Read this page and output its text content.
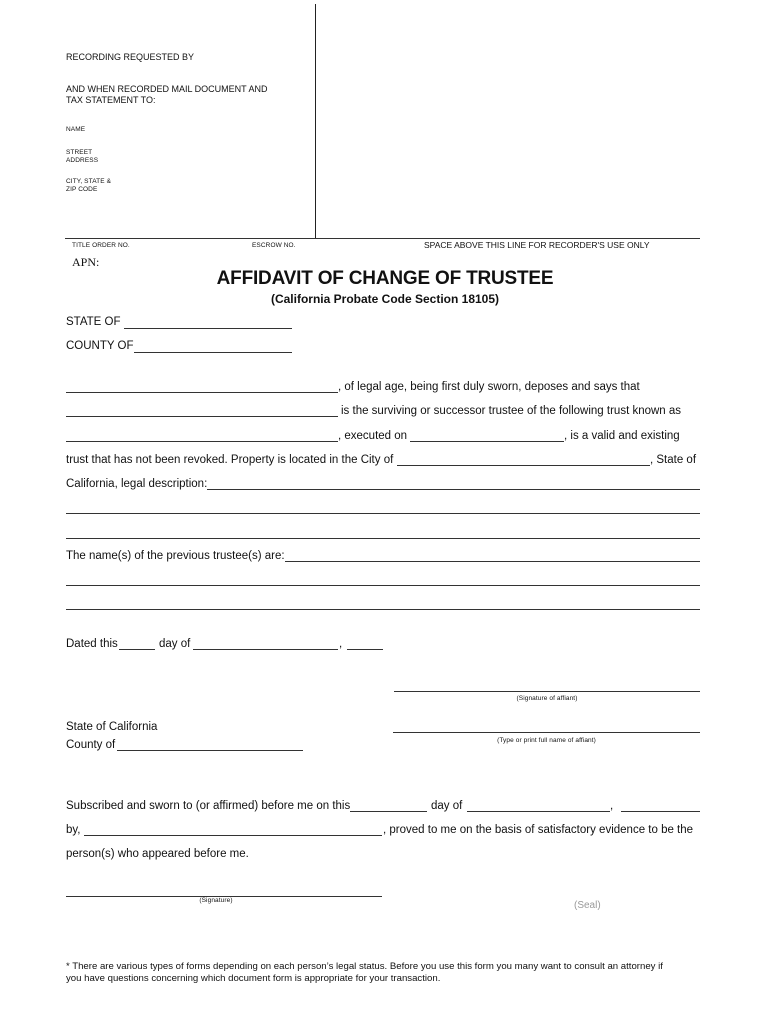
RECORDING REQUESTED BY
AND WHEN RECORDED MAIL DOCUMENT AND
TAX STATEMENT TO:
NAME
STREET
ADDRESS
CITY, STATE &
ZIP CODE
TITLE ORDER NO.	ESCROW NO.	SPACE ABOVE THIS LINE FOR RECORDER'S USE ONLY
APN:
AFFIDAVIT OF CHANGE OF TRUSTEE
(California Probate Code Section 18105)
STATE OF
COUNTY OF
, of legal age, being first duly sworn, deposes and says that
is the surviving or successor trustee of the following trust known as
, executed on	, is a valid and existing
trust that has not been revoked. Property is located in the City of	, State of
California, legal description:
The name(s) of the previous trustee(s) are:
Dated this	day of	,
(Signature of affiant)
(Type or print full name of affiant)
State of California
County of
Subscribed and sworn to (or affirmed) before me on this	day of	,
by,	, proved to me on the basis of satisfactory evidence to be the
person(s) who appeared before me.
(Signature)	(Seal)
* There are various types of forms depending on each person’s legal status. Before you use this form you many want to consult an attorney if
you have questions concerning which document form is appropriate for your transaction.
